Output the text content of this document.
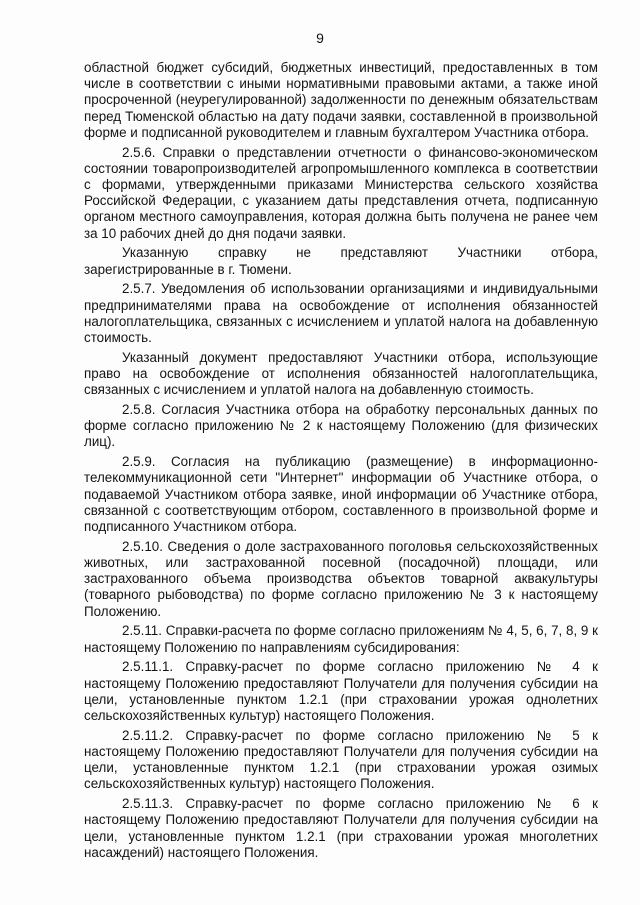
9

областной бюджет субсидий, бюджетных инвестиций, предоставленных в том числе в соответствии с иными нормативными правовыми актами, а также иной просроченной (неурегулированной) задолженности по денежным обязательствам перед Тюменской областью на дату подачи заявки, составленной в произвольной форме и подписанной руководителем и главным бухгалтером Участника отбора.

2.5.6. Справки о представлении отчетности о финансово-экономическом состоянии товаропроизводителей агропромышленного комплекса в соответствии с формами, утвержденными приказами Министерства сельского хозяйства Российской Федерации, с указанием даты представления отчета, подписанную органом местного самоуправления, которая должна быть получена не ранее чем за 10 рабочих дней до дня подачи заявки.

Указанную справку не представляют Участники отбора, зарегистрированные в г. Тюмени.

2.5.7. Уведомления об использовании организациями и индивидуальными предпринимателями права на освобождение от исполнения обязанностей налогоплательщика, связанных с исчислением и уплатой налога на добавленную стоимость.

Указанный документ предоставляют Участники отбора, использующие право на освобождение от исполнения обязанностей налогоплательщика, связанных с исчислением и уплатой налога на добавленную стоимость.

2.5.8. Согласия Участника отбора на обработку персональных данных по форме согласно приложению № 2 к настоящему Положению (для физических лиц).

2.5.9. Согласия на публикацию (размещение) в информационно-телекоммуникационной сети "Интернет" информации об Участнике отбора, о подаваемой Участником отбора заявке, иной информации об Участнике отбора, связанной с соответствующим отбором, составленного в произвольной форме и подписанного Участником отбора.

2.5.10. Сведения о доле застрахованного поголовья сельскохозяйственных животных, или застрахованной посевной (посадочной) площади, или застрахованного объема производства объектов товарной аквакультуры (товарного рыбоводства) по форме согласно приложению № 3 к настоящему Положению.

2.5.11. Справки-расчета по форме согласно приложениям № 4, 5, 6, 7, 8, 9 к настоящему Положению по направлениям субсидирования:

2.5.11.1. Справку-расчет по форме согласно приложению № 4 к настоящему Положению предоставляют Получатели для получения субсидии на цели, установленные пунктом 1.2.1 (при страховании урожая однолетних сельскохозяйственных культур) настоящего Положения.

2.5.11.2. Справку-расчет по форме согласно приложению № 5 к настоящему Положению предоставляют Получатели для получения субсидии на цели, установленные пунктом 1.2.1 (при страховании урожая озимых сельскохозяйственных культур) настоящего Положения.

2.5.11.3. Справку-расчет по форме согласно приложению № 6 к настоящему Положению предоставляют Получатели для получения субсидии на цели, установленные пунктом 1.2.1 (при страховании урожая многолетних насаждений) настоящего Положения.
